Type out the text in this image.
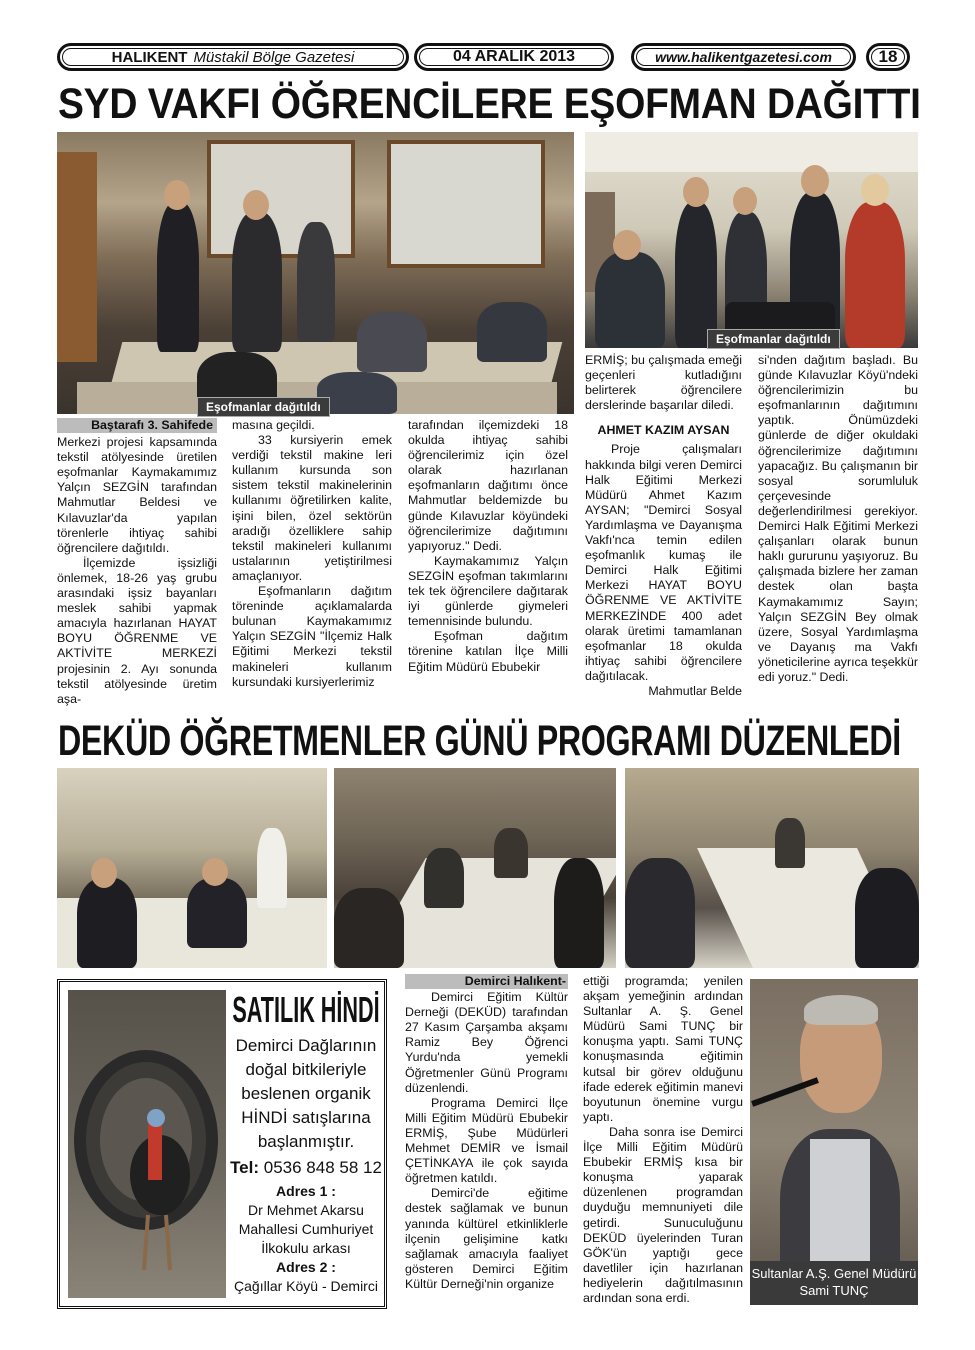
HALIKENT Müstakil Bölge Gazetesi	04 ARALIK 2013	www.halikentgazetesi.com	18
SYD VAKFI ÖĞRENCİLERE EŞOFMAN DAĞITTI
Eşofmanlar dağıtıldı
Eşofmanlar dağıtıldı

Baştarafı 3. Sahifede

Merkezi projesi kapsamında tekstil atölyesinde üretilen eşofmanlar Kaymakamımız Yalçın SEZGİN tarafından Mahmutlar Beldesi ve Kılavuzlar'da yapılan törenlerle ihtiyaç sahibi öğrencilere dağıtıldı.

İlçemizde işsizliği önlemek, 18-26 yaş grubu arasındaki işsiz bayanları meslek sahibi yapmak amacıyla hazırlanan HAYAT BOYU ÖĞRENME VE AKTİVİTE MERKEZİ projesinin 2. Ayı sonunda tekstil atölyesinde üretim aşa-

masına geçildi.

33 kursiyerin emek verdiği tekstil makine leri kullanım kursunda son sistem tekstil makinelerinin kullanımı öğretilirken kalite, işini bilen, özel sektörün aradığı özelliklere sahip tekstil makineleri kullanımı ustalarının yetiştirilmesi amaçlanıyor.

Eşofmanların dağıtım töreninde açıklamalarda bulunan Kaymakamımız Yalçın SEZGİN "İlçemiz Halk Eğitimi Merkezi tekstil makineleri kullanım kursundaki kursiyerlerimiz

tarafından ilçemizdeki 18 okulda ihtiyaç sahibi öğrencilerimiz için özel olarak hazırlanan eşofmanların dağıtımı önce Mahmutlar beldemizde bu günde Kılavuzlar köyündeki öğrencilerimize dağıtımını yapıyoruz." Dedi.

Kaymakamımız Yalçın SEZGİN eşofman takımlarını tek tek öğrencilere dağıtarak iyi günlerde giymeleri temennisinde bulundu.

Eşofman dağıtım törenine katılan İlçe Milli Eğitim Müdürü Ebubekir

ERMİŞ; bu çalışmada emeği geçenleri kutladığını belirterek öğrencilere derslerinde başarılar diledi.

AHMET KAZIM AYSAN

Proje çalışmaları hakkında bilgi veren Demirci Halk Eğitimi Merkezi Müdürü Ahmet Kazım AYSAN; "Demirci Sosyal Yardımlaşma ve Dayanışma Vakfı'nca temin edilen eşofmanlık kumaş ile Demirci Halk Eğitimi Merkezi HAYAT BOYU ÖĞRENME VE AKTİVİTE MERKEZİNDE 400 adet olarak üretimi tamamlanan eşofmanlar 18 okulda ihtiyaç sahibi öğrencilere dağıtılacak.

Mahmutlar Belde

si'nden dağıtım başladı. Bu günde Kılavuzlar Köyü'ndeki öğrencilerimizin bu eşofmanlarının dağıtımını yaptık. Önümüzdeki günlerde de diğer okuldaki öğrencilerimize dağıtımını yapacağız. Bu çalışmanın bir sosyal sorumluluk çerçevesinde değerlendirilmesi gerekiyor. Demirci Halk Eğitimi Merkezi çalışanları olarak bunun haklı gururunu yaşıyoruz. Bu çalışmada bizlere her zaman destek olan başta Kaymakamımız Sayın; Yalçın SEZGİN Bey olmak üzere, Sosyal Yardımlaşma ve Dayanış ma Vakfı yöneticilerine ayrıca teşekkür edi yoruz." Dedi.

DEKÜD ÖĞRETMENLER GÜNÜ PROGRAMI DÜZENLEDİ
SATILIK HİNDİ
Demirci Dağlarının
doğal bitkileriyle
beslenen organik
HİNDİ satışlarına
başlanmıştır.
Tel: 0536 848 58 12
Adres 1 :
Dr Mehmet Akarsu
Mahallesi Cumhuriyet
İlkokulu arkası
Adres 2 :
Çağıllar Köyü - Demirci

Demirci Halıkent-

Demirci Eğitim Kültür Derneği (DEKÜD) tarafından 27 Kasım Çarşamba akşamı Ramiz Bey Öğrenci Yurdu'nda yemekli Öğretmenler Günü Programı düzenlendi.

Programa Demirci İlçe Milli Eğitim Müdürü Ebubekir ERMİŞ, Şube Müdürleri Mehmet DEMİR ve İsmail ÇETİNKAYA ile çok sayıda öğretmen katıldı.

Demirci'de eğitime destek sağlamak ve bunun yanında kültürel etkinliklerle ilçenin gelişimine katkı sağlamak amacıyla faaliyet gösteren Demirci Eğitim Kültür Derneği'nin organize

ettiği programda; yenilen akşam yemeğinin ardından Sultanlar A. Ş. Genel Müdürü Sami TUNÇ bir konuşma yaptı. Sami TUNÇ konuşmasında eğitimin kutsal bir görev olduğunu ifade ederek eğitimin manevi boyutunun önemine vurgu yaptı.

Daha sonra ise Demirci İlçe Milli Eğitim Müdürü Ebubekir ERMİŞ kısa bir konuşma yaparak düzenlenen programdan duyduğu memnuniyeti dile getirdi. Sunuculuğunu DEKÜD üyelerinden Turan GÖK'ün yaptığı gece davetliler için hazırlanan hediyelerin dağıtılmasının ardından sona erdi.

Sultanlar A.Ş. Genel Müdürü
Sami TUNÇ
